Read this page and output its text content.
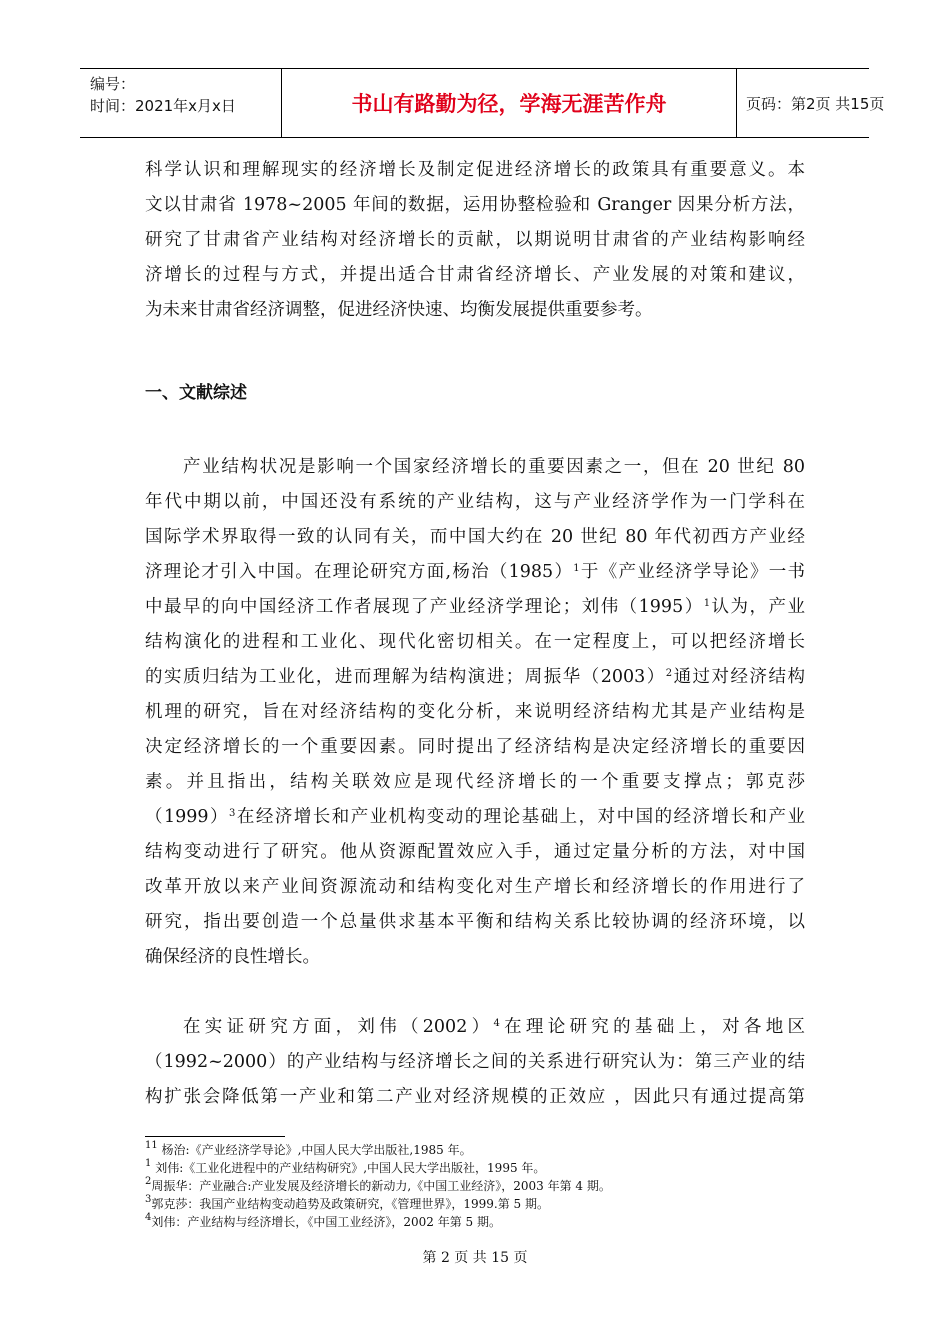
编号：
时间：2021年x月x日	书山有路勤为径，学海无涯苦作舟	页码：第2页 共15页
科学认识和理解现实的经济增长及制定促进经济增长的政策具有重要意义。本
文以甘肃省 1978~2005 年间的数据，运用协整检验和 Granger 因果分析方法，
研究了甘肃省产业结构对经济增长的贡献，以期说明甘肃省的产业结构影响经
济增长的过程与方式，并提出适合甘肃省经济增长、产业发展的对策和建议，
为未来甘肃省经济调整，促进经济快速、均衡发展提供重要参考。
一、文献综述
产业结构状况是影响一个国家经济增长的重要因素之一，但在 20 世纪 80
年代中期以前，中国还没有系统的产业结构，这与产业经济学作为一门学科在
国际学术界取得一致的认同有关，而中国大约在 20 世纪 80 年代初西方产业经
济理论才引入中国。在理论研究方面,杨治$(1985)^1$于《产业经济学导论》一书
中最早的向中国经济工作者展现了产业经济学理论；刘伟$(1995)^1$认为，产业
结构演化的进程和工业化、现代化密切相关。在一定程度上，可以把经济增长
的实质归结为工业化，进而理解为结构演进；周振华$(2003)^2$通过对经济结构
机理的研究，旨在对经济结构的变化分析，来说明经济结构尤其是产业结构是
决定经济增长的一个重要因素。同时提出了经济结构是决定经济增长的重要因
素。并且指出，结构关联效应是现代经济增长的一个重要支撑点；郭克莎
$(1999)^3$在经济增长和产业机构变动的理论基础上，对中国的经济增长和产业
结构变动进行了研究。他从资源配置效应入手，通过定量分析的方法，对中国
改革开放以来产业间资源流动和结构变化对生产增长和经济增长的作用进行了
研究，指出要创造一个总量供求基本平衡和结构关系比较协调的经济环境，以
确保经济的良性增长。
在实证研究方面，刘伟$(2002)^4$在理论研究的基础上，对各地区
（1992~2000）的产业结构与经济增长之间的关系进行研究认为：第三产业的结
构扩张会降低第一产业和第二产业对经济规模的正效应 ，因此只有通过提高第
$^{11}$ 杨治:《产业经济学导论》,中国人民大学出版社,1985 年。
$^1$ 刘伟:《工业化进程中的产业结构研究》,中国人民大学出版社，1995 年。
$^2$周振华：产业融合:产业发展及经济增长的新动力,《中国工业经济》，2003 年第 4 期。
$^3$郭克莎：我国产业结构变动趋势及政策研究，《管理世界》，1999.第 5 期。
$^4$刘伟：产业结构与经济增长，《中国工业经济》，2002 年第 5 期。
第 2 页 共 15 页
